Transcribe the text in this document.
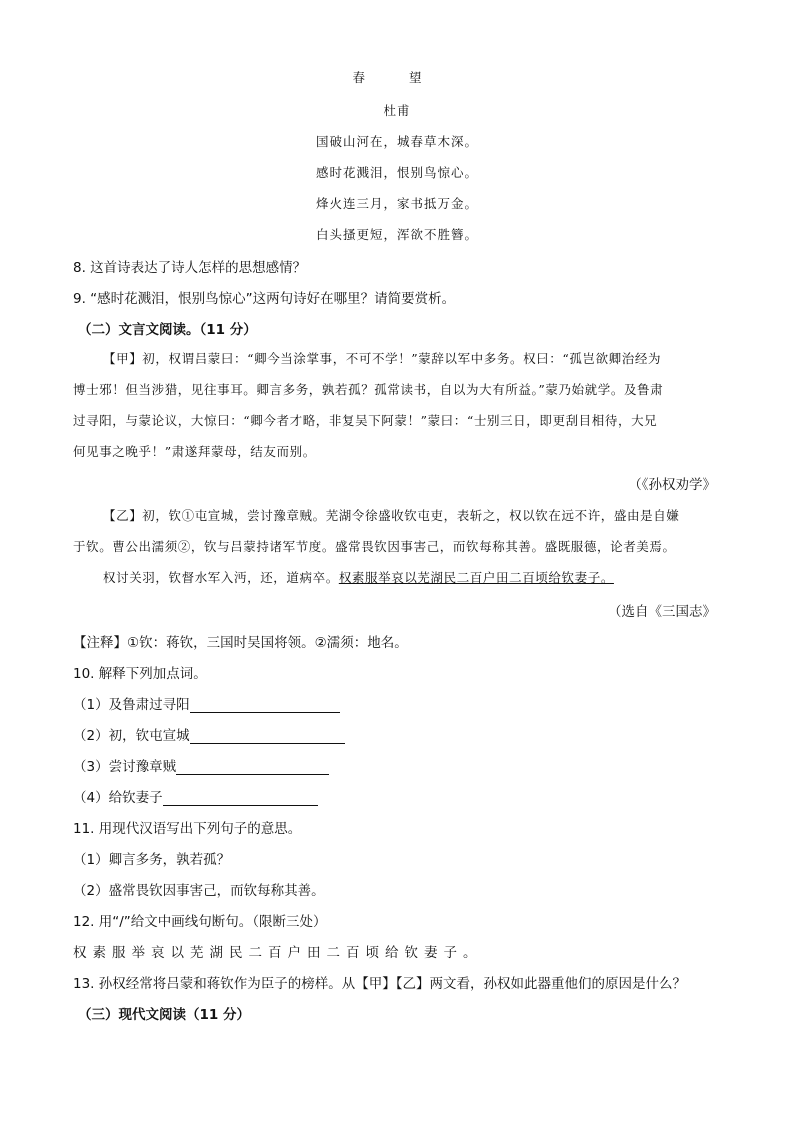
春 望
杜甫
国破山河在，城春草木深。
感时花溅泪，恨别鸟惊心。
烽火连三月，家书抵万金。
白头搔更短，浑欲不胜簪。
8. 这首诗表达了诗人怎样的思想感情？
9. “感时花溅泪，恨别鸟惊心”这两句诗好在哪里？请简要赏析。
（二）文言文阅读。（11 分）
【甲】初，权谓吕蒙曰：“卿今当涂掌事，不可不学！”蒙辞以军中多务。权曰：“孤岂欲卿治经为
博士邪！但当涉猎，见往事耳。卿言多务，孰若孤？孤常读书，自以为大有所益。”蒙乃始就学。及鲁肃
过寻阳，与蒙论议，大惊曰：“卿今者才略，非复吴下阿蒙！”蒙曰：“士别三日，即更刮目相待，大兄
何见事之晚乎！”肃遂拜蒙母，结友而别。
（《孙权劝学》
【乙】初，钦①屯宣城，尝讨豫章贼。芜湖令徐盛收钦屯吏，表斩之，权以钦在远不许，盛由是自嫌
于钦。曹公出濡须②，钦与吕蒙持诸军节度。盛常畏钦因事害己，而钦每称其善。盛既服德，论者美焉。
权讨关羽，钦督水军入沔，还，道病卒。权素服举哀以芜湖民二百户田二百顷给钦妻子。
（选自《三国志》
【注释】①钦：蒋钦，三国时吴国将领。②濡须：地名。
10. 解释下列加点词。
（1）及鲁肃过寻阳
（2）初，钦屯宣城
（3）尝讨豫章贼
（4）给钦妻子
11. 用现代汉语写出下列句子的意思。
（1）卿言多务，孰若孤？
（2）盛常畏钦因事害己，而钦每称其善。
12. 用“/”给文中画线句断句。（限断三处）
权素服举哀以芜湖民二百户田二百顷给钦妻子。
13. 孙权经常将吕蒙和蒋钦作为臣子的榜样。从【甲】【乙】两文看，孙权如此器重他们的原因是什么？
（三）现代文阅读（11 分）
